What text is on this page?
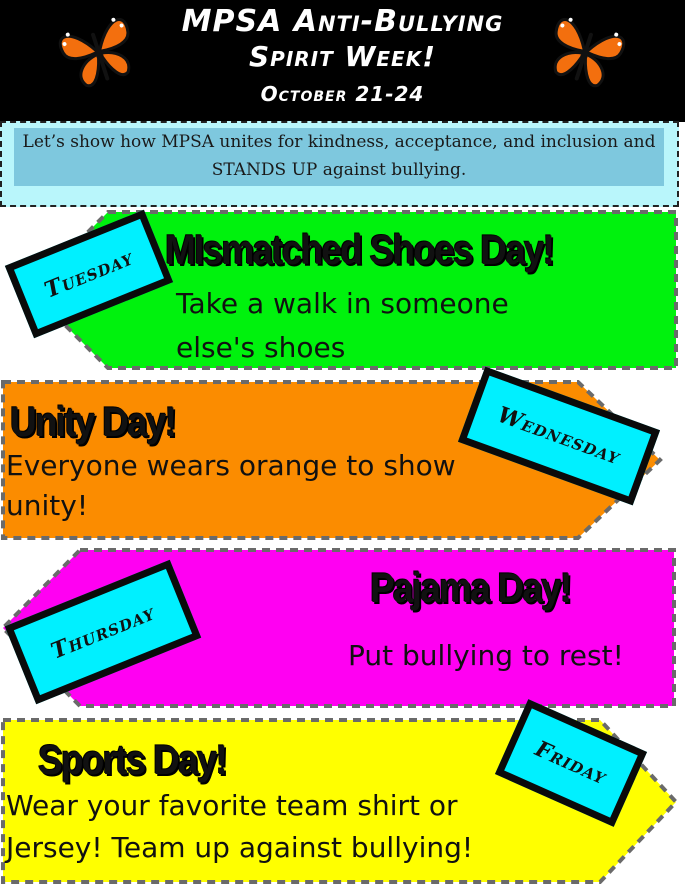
MPSA Anti-Bullying
Spirit Week!
October 21-24
Let’s show how MPSA unites for kindness, acceptance, and inclusion and STANDS UP against bullying.
MIsmatched Shoes Day!
Take a walk in someone
else's shoes
Tuesday
Unity Day!
Everyone wears orange to show
unity!
Wednesday
Pajama Day!
Put bullying to rest!
Thursday
Sports Day!
Wear your favorite team shirt or
Jersey! Team up against bullying!
Friday
